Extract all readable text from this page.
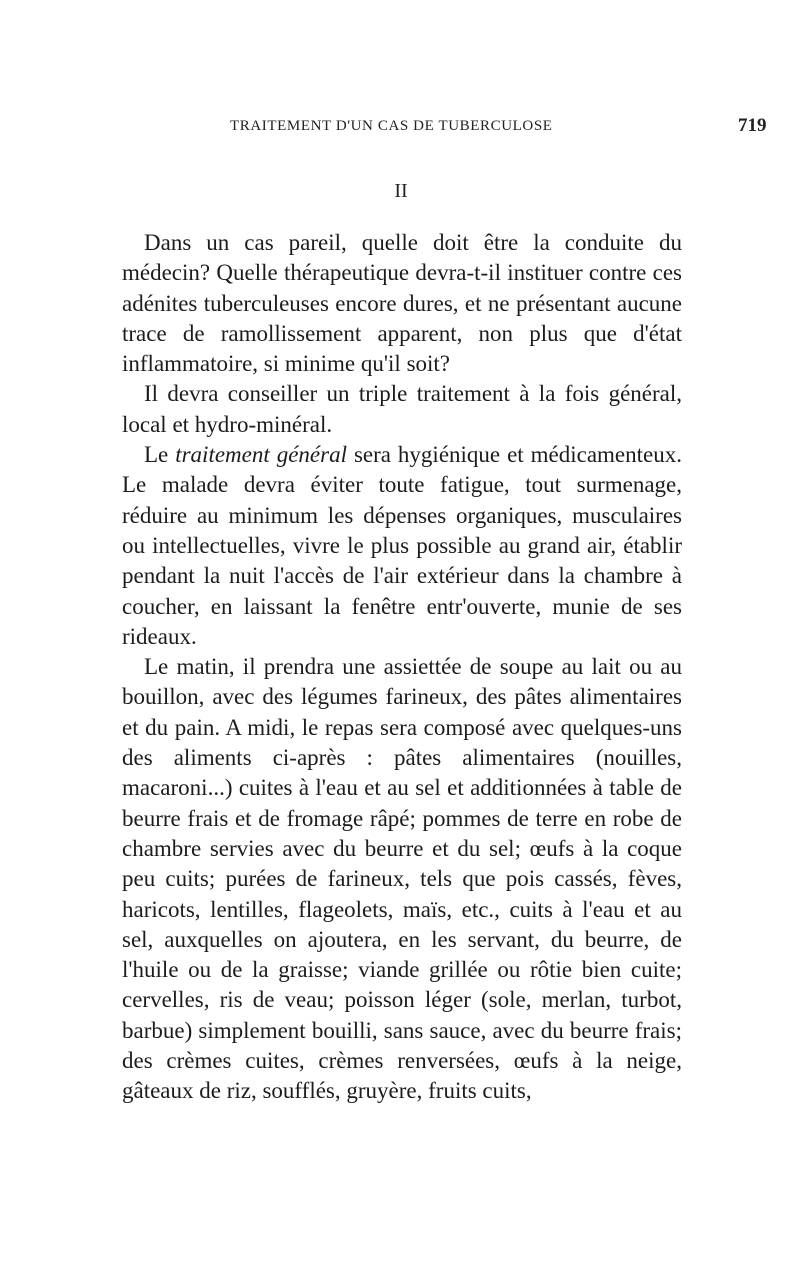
TRAITEMENT D'UN CAS DE TUBERCULOSE	719
II

Dans un cas pareil, quelle doit être la conduite du médecin? Quelle thérapeutique devra-t-il instituer contre ces adénites tuberculeuses encore dures, et ne présentant aucune trace de ramollissement apparent, non plus que d'état inflammatoire, si minime qu'il soit?

Il devra conseiller un triple traitement à la fois général, local et hydro-minéral.

Le traitement général sera hygiénique et médicamenteux. Le malade devra éviter toute fatigue, tout surmenage, réduire au minimum les dépenses organiques, musculaires ou intellectuelles, vivre le plus possible au grand air, établir pendant la nuit l'accès de l'air extérieur dans la chambre à coucher, en laissant la fenêtre entr'ouverte, munie de ses rideaux.

Le matin, il prendra une assiettée de soupe au lait ou au bouillon, avec des légumes farineux, des pâtes alimentaires et du pain. A midi, le repas sera composé avec quelques-uns des aliments ci-après : pâtes alimentaires (nouilles, macaroni...) cuites à l'eau et au sel et additionnées à table de beurre frais et de fromage râpé; pommes de terre en robe de chambre servies avec du beurre et du sel; œufs à la coque peu cuits; purées de farineux, tels que pois cassés, fèves, haricots, lentilles, flageolets, maïs, etc., cuits à l'eau et au sel, auxquelles on ajoutera, en les servant, du beurre, de l'huile ou de la graisse; viande grillée ou rôtie bien cuite; cervelles, ris de veau; poisson léger (sole, merlan, turbot, barbue) simplement bouilli, sans sauce, avec du beurre frais; des crèmes cuites, crèmes renversées, œufs à la neige, gâteaux de riz, soufflés, gruyère, fruits cuits,
